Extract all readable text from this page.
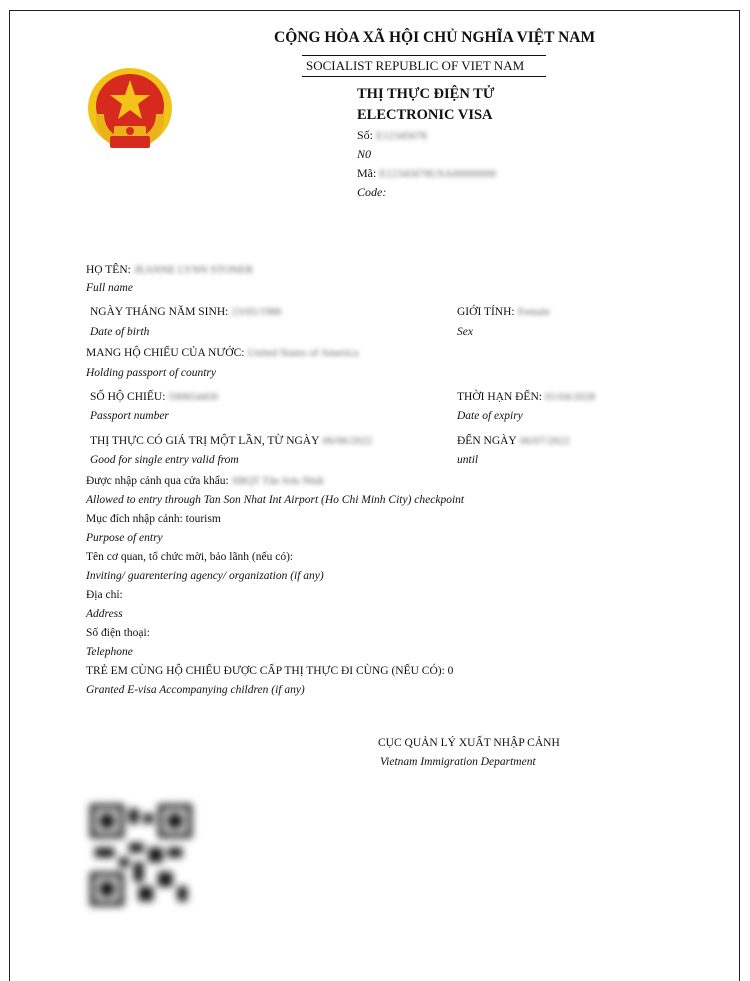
CỘNG HÒA XÃ HỘI CHỦ NGHĨA VIỆT NAM
SOCIALIST REPUBLIC OF VIET NAM
THỊ THỰC ĐIỆN TỬ
ELECTRONIC VISA
Số: E12345678
N0
Mã: E12345678USA00000000
Code:
HỌ TÊN: JEANNE LYNN STONER
Full name
NGÀY THÁNG NĂM SINH: 23/05/1986
Date of birth
GIỚI TÍNH: Female
Sex
MANG HỘ CHIẾU CỦA NƯỚC: United States of America
Holding passport of country
SỐ HỘ CHIẾU: 590654456
Passport number
THỜI HẠN ĐẾN: 01/04/2028
Date of expiry
THỊ THỰC CÓ GIÁ TRỊ MỘT LẦN, TỪ NGÀY 06/06/2022
Good for single entry valid from
ĐẾN NGÀY 06/07/2022
until
Được nhập cảnh qua cửa khẩu: SBQT Tân Sơn Nhất
Allowed to entry through Tan Son Nhat Int Airport (Ho Chi Minh City) checkpoint
Mục đích nhập cảnh: tourism
Purpose of entry
Tên cơ quan, tổ chức mời, bảo lãnh (nếu có):
Inviting/ guarentering agency/ organization (if any)
Địa chỉ:
Address
Số điện thoại:
Telephone
TRẺ EM CÙNG HỘ CHIẾU ĐƯỢC CẤP THỊ THỰC ĐI CÙNG (NẾU CÓ): 0
Granted E-visa Accompanying children (if any)
CỤC QUẢN LÝ XUẤT NHẬP CẢNH
Vietnam Immigration Department
